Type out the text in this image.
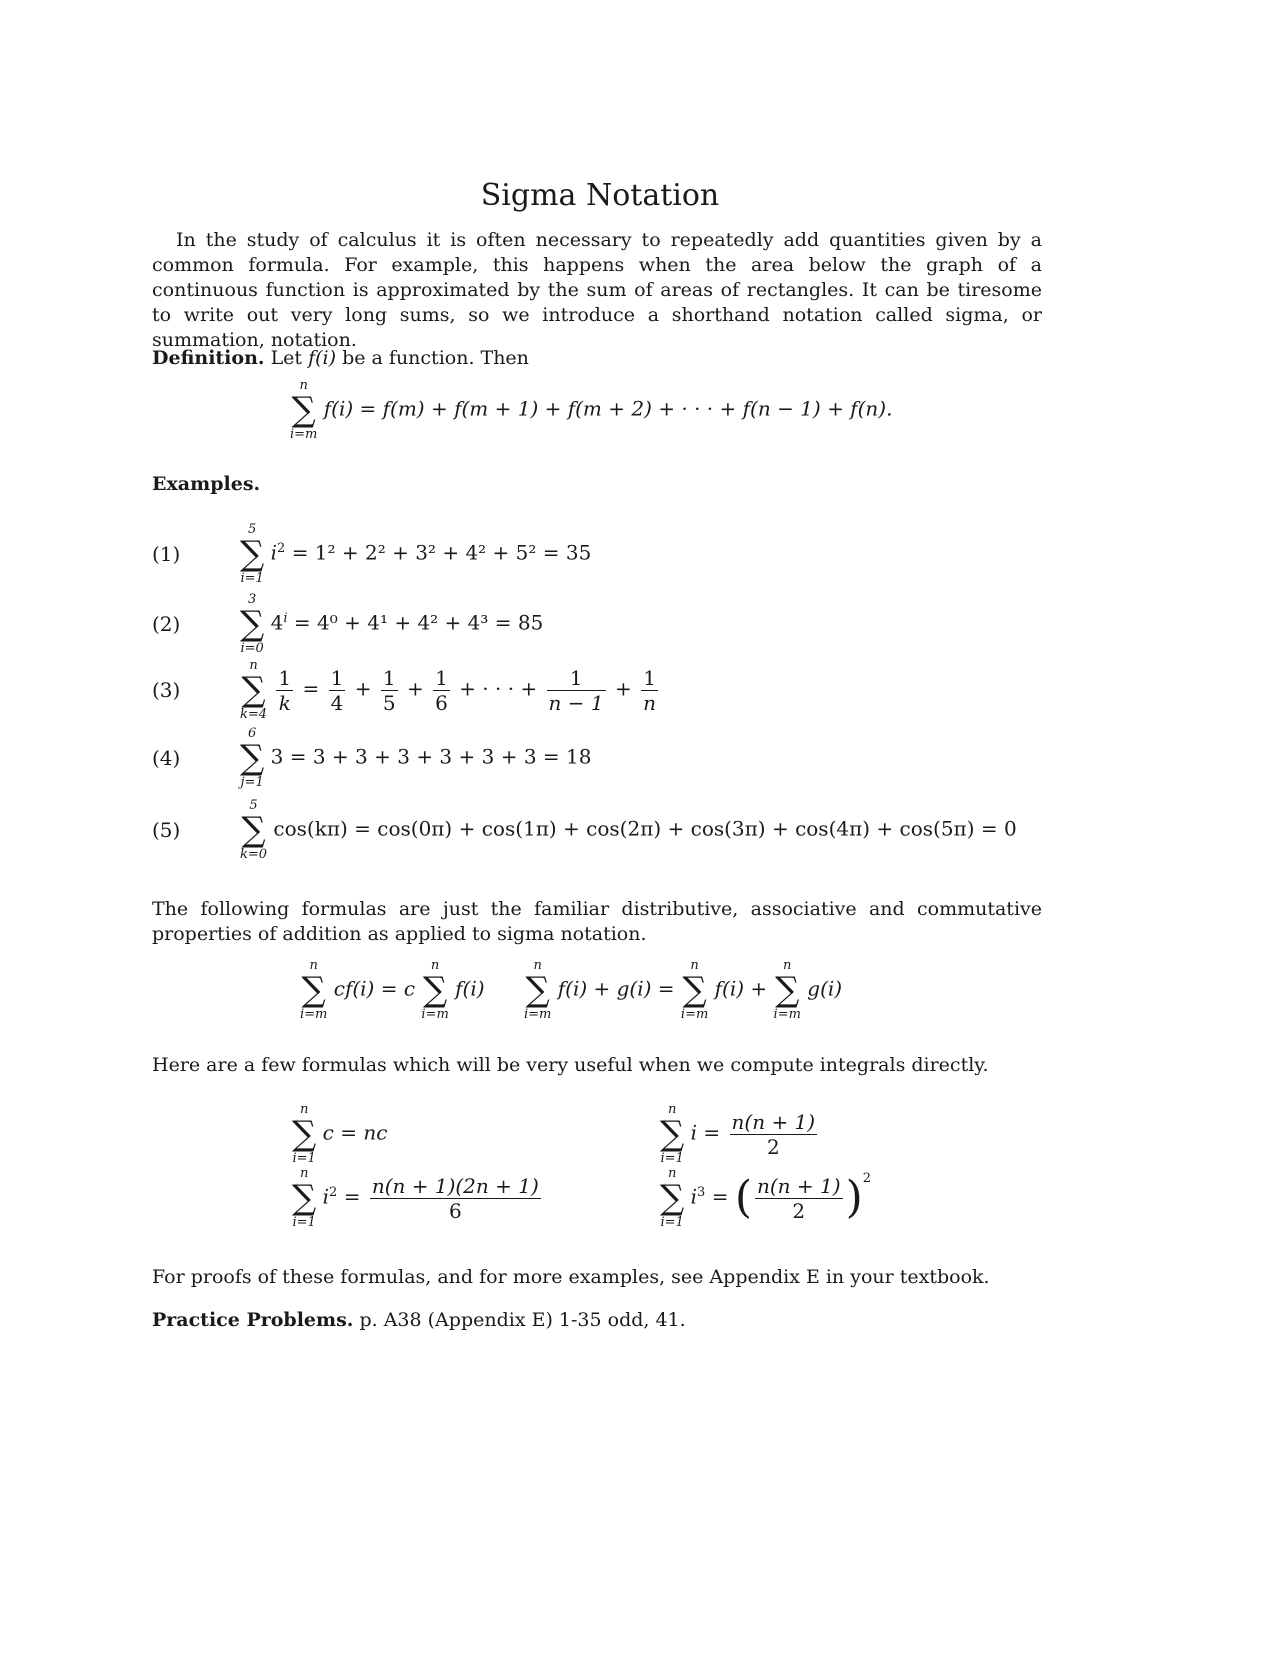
Sigma Notation
In the study of calculus it is often necessary to repeatedly add quantities given by a common formula. For example, this happens when the area below the graph of a continuous function is approximated by the sum of areas of rectangles. It can be tiresome to write out very long sums, so we introduce a shorthand notation called sigma, or summation, notation.
Definition. Let f(i) be a function. Then
n
∑
i=m
f(i) = f(m) + f(m + 1) + f(m + 2) + · · · + f(n − 1) + f(n).
Examples.
(1)
5
∑
i=1
$i^2 = 1^2 + 2^2 + 3^2 + 4^2 + 5^2 = 35$
(2)
3
∑
i=0
$4^i = 4^0 + 4^1 + 4^2 + 4^3 = 85$
(3)
n
∑
k=4
$\frac{1}{k} = \frac{1}{4} + \frac{1}{5} + \frac{1}{6}$ + · · · + $\frac{1}{n - 1} + \frac{1}{n}$
(4)
6
∑
j=1
3 = 3 + 3 + 3 + 3 + 3 + 3 = 18
(5)
5
∑
k=0
cos(kπ) = cos(0π) + cos(1π) + cos(2π) + cos(3π) + cos(4π) + cos(5π) = 0
The following formulas are just the familiar distributive, associative and commutative properties of addition as applied to sigma notation.
n
∑
i=m
cf(i) = c
n
∑
i=m
f(i)
n
∑
i=m
f(i) + g(i) =
n
∑
i=m
f(i) +
n
∑
i=m
g(i)
Here are a few formulas which will be very useful when we compute integrals directly.
n
∑
i=1
c = nc
n
∑
i=1
$i = \frac{n(n + 1)}{2}$
n
∑
i=1
$i^2 = \frac{n(n + 1)(2n + 1)}{6}$	n
∑
i=1
$i^3$ = ( $\frac{n(n + 1)}{2} )^2$
For proofs of these formulas, and for more examples, see Appendix E in your textbook.
Practice Problems. p. A38 (Appendix E) 1-35 odd, 41.
